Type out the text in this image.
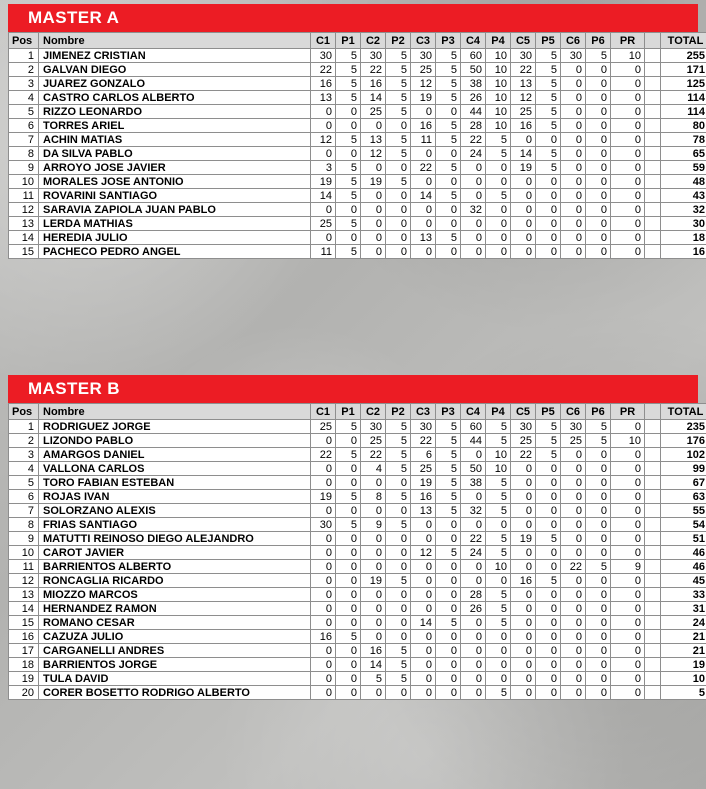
MASTER A
Pos	Nombre	C1	P1	C2	P2	C3	P3	C4	P4	C5	P5	C6	P6	PR		TOTAL
1	JIMENEZ CRISTIAN	30	5	30	5	30	5	60	10	30	5	30	5	10		255
2	GALVAN DIEGO	22	5	22	5	25	5	50	10	22	5	0	0	0		171
3	JUAREZ GONZALO	16	5	16	5	12	5	38	10	13	5	0	0	0		125
4	CASTRO CARLOS ALBERTO	13	5	14	5	19	5	26	10	12	5	0	0	0		114
5	RIZZO LEONARDO	0	0	25	5	0	0	44	10	25	5	0	0	0		114
6	TORRES ARIEL	0	0	0	0	16	5	28	10	16	5	0	0	0		80
7	ACHIN MATIAS	12	5	13	5	11	5	22	5	0	0	0	0	0		78
8	DA SILVA PABLO	0	0	12	5	0	0	24	5	14	5	0	0	0		65
9	ARROYO JOSE JAVIER	3	5	0	0	22	5	0	0	19	5	0	0	0		59
10	MORALES JOSE ANTONIO	19	5	19	5	0	0	0	0	0	0	0	0	0		48
11	ROVARINI SANTIAGO	14	5	0	0	14	5	0	5	0	0	0	0	0		43
12	SARAVIA ZAPIOLA JUAN PABLO	0	0	0	0	0	0	32	0	0	0	0	0	0		32
13	LERDA MATHIAS	25	5	0	0	0	0	0	0	0	0	0	0	0		30
14	HEREDIA JULIO	0	0	0	0	13	5	0	0	0	0	0	0	0		18
15	PACHECO PEDRO ANGEL	11	5	0	0	0	0	0	0	0	0	0	0	0		16
MASTER B
Pos	Nombre	C1	P1	C2	P2	C3	P3	C4	P4	C5	P5	C6	P6	PR		TOTAL
1	RODRIGUEZ JORGE	25	5	30	5	30	5	60	5	30	5	30	5	0		235
2	LIZONDO PABLO	0	0	25	5	22	5	44	5	25	5	25	5	10		176
3	AMARGOS DANIEL	22	5	22	5	6	5	0	10	22	5	0	0	0		102
4	VALLONA CARLOS	0	0	4	5	25	5	50	10	0	0	0	0	0		99
5	TORO FABIAN ESTEBAN	0	0	0	0	19	5	38	5	0	0	0	0	0		67
6	ROJAS IVAN	19	5	8	5	16	5	0	5	0	0	0	0	0		63
7	SOLORZANO ALEXIS	0	0	0	0	13	5	32	5	0	0	0	0	0		55
8	FRIAS SANTIAGO	30	5	9	5	0	0	0	0	0	0	0	0	0		54
9	MATUTTI REINOSO DIEGO ALEJANDRO	0	0	0	0	0	0	22	5	19	5	0	0	0		51
10	CAROT JAVIER	0	0	0	0	12	5	24	5	0	0	0	0	0		46
11	BARRIENTOS ALBERTO	0	0	0	0	0	0	0	10	0	0	22	5	9		46
12	RONCAGLIA RICARDO	0	0	19	5	0	0	0	0	16	5	0	0	0		45
13	MIOZZO MARCOS	0	0	0	0	0	0	28	5	0	0	0	0	0		33
14	HERNANDEZ RAMON	0	0	0	0	0	0	26	5	0	0	0	0	0		31
15	ROMANO CESAR	0	0	0	0	14	5	0	5	0	0	0	0	0		24
16	CAZUZA JULIO	16	5	0	0	0	0	0	0	0	0	0	0	0		21
17	CARGANELLI ANDRES	0	0	16	5	0	0	0	0	0	0	0	0	0		21
18	BARRIENTOS JORGE	0	0	14	5	0	0	0	0	0	0	0	0	0		19
19	TULA DAVID	0	0	5	5	0	0	0	0	0	0	0	0	0		10
20	CORER BOSETTO RODRIGO ALBERTO	0	0	0	0	0	0	0	5	0	0	0	0	0		5
